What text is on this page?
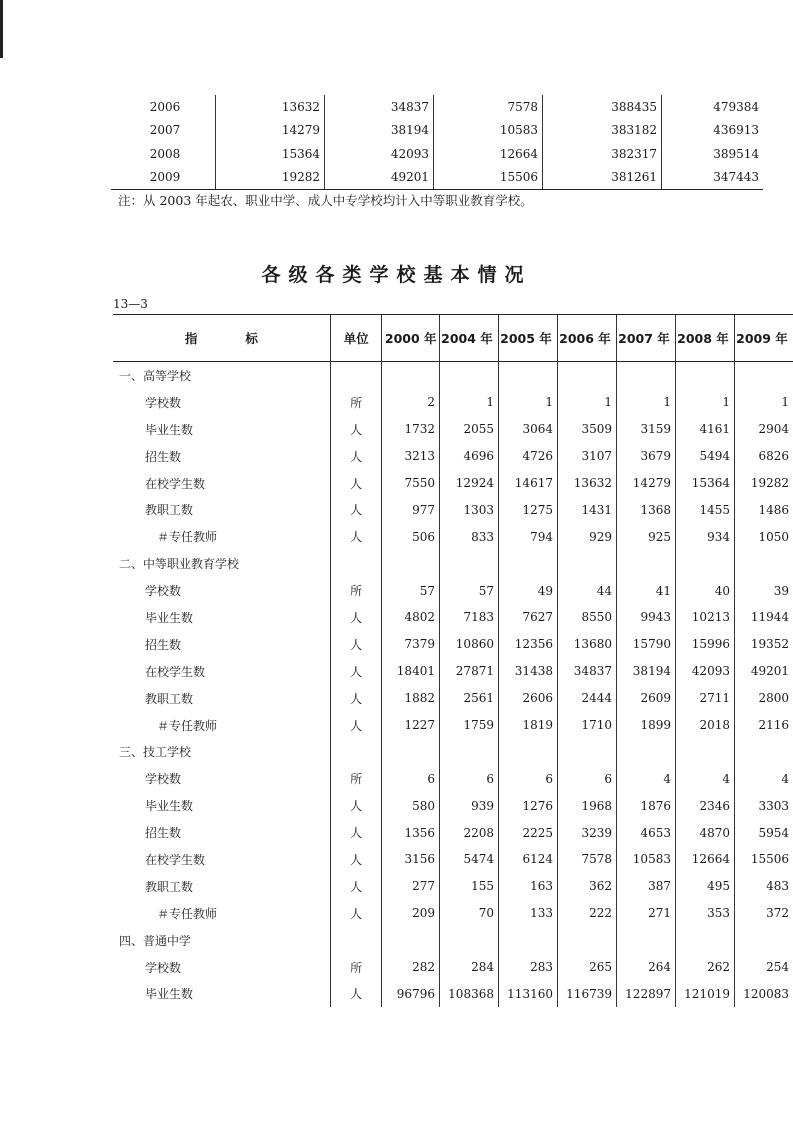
2006	13632	34837	7578	388435	479384
2007	14279	38194	10583	383182	436913
2008	15364	42093	12664	382317	389514
2009	19282	49201	15506	381261	347443
注：从 2003 年起农、职业中学、成人中专学校均计入中等职业教育学校。
各级各类学校基本情况
13—3
指 标	单位	2000 年	2004 年	2005 年	2006 年	2007 年	2008 年	2009 年
一、高等学校								
学校数	所	2	1	1	1	1	1	1
毕业生数	人	1732	2055	3064	3509	3159	4161	2904
招生数	人	3213	4696	4726	3107	3679	5494	6826
在校学生数	人	7550	12924	14617	13632	14279	15364	19282
教职工数	人	977	1303	1275	1431	1368	1455	1486
＃专任教师	人	506	833	794	929	925	934	1050
二、中等职业教育学校								
学校数	所	57	57	49	44	41	40	39
毕业生数	人	4802	7183	7627	8550	9943	10213	11944
招生数	人	7379	10860	12356	13680	15790	15996	19352
在校学生数	人	18401	27871	31438	34837	38194	42093	49201
教职工数	人	1882	2561	2606	2444	2609	2711	2800
＃专任教师	人	1227	1759	1819	1710	1899	2018	2116
三、技工学校								
学校数	所	6	6	6	6	4	4	4
毕业生数	人	580	939	1276	1968	1876	2346	3303
招生数	人	1356	2208	2225	3239	4653	4870	5954
在校学生数	人	3156	5474	6124	7578	10583	12664	15506
教职工数	人	277	155	163	362	387	495	483
＃专任教师	人	209	70	133	222	271	353	372
四、普通中学								
学校数	所	282	284	283	265	264	262	254
毕业生数	人	96796	108368	113160	116739	122897	121019	120083
